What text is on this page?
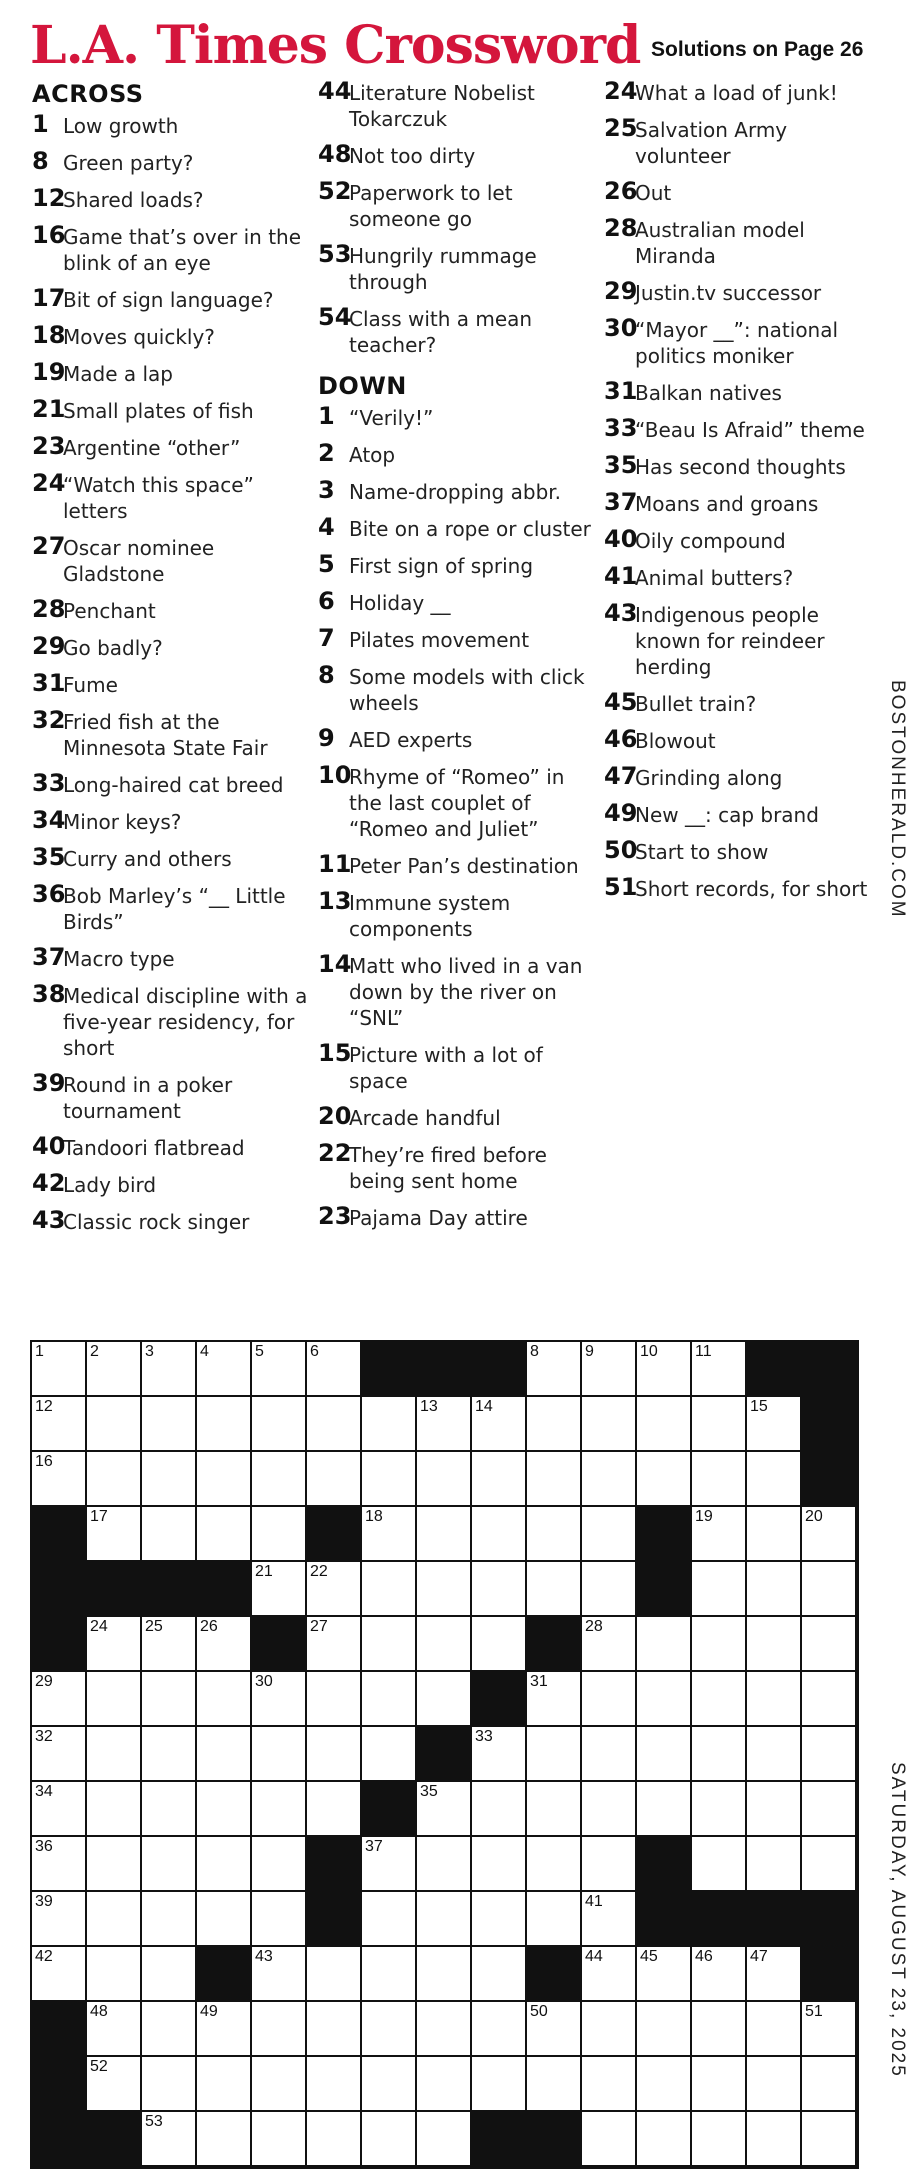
L.A. Times Crossword Solutions on Page 26
ACROSS
1 Low growth
8 Green party?
12
Shared loads?
16
Game that’s over in the blink of an eye
17
Bit of sign language?
18
Moves quickly?
19
Made a lap
21
Small plates of fish
23
Argentine “other”
24
“Watch this space” letters
27
Oscar nominee Gladstone
28
Penchant
29
Go badly?
31
Fume
32
Fried fish at the Minnesota State Fair
33
Long-haired cat breed
34
Minor keys?
35
Curry and others
36
Bob Marley’s “__ Little Birds”
37
Macro type
38
Medical discipline with a five-year residency, for short
39
Round in a poker tournament
40
Tandoori flatbread
42
Lady bird
43
Classic rock singer
44
Literature Nobelist Tokarczuk
48
Not too dirty
52
Paperwork to let someone go
53
Hungrily rummage through
54
Class with a mean teacher?
DOWN
1 “Verily!”
2 Atop
3 Name-dropping abbr.
4 Bite on a rope or cluster
5 First sign of spring
6 Holiday __
7 Pilates movement
8 Some models with click wheels
9 AED experts
10
Rhyme of “Romeo” in the last couplet of “Romeo and Juliet”
11
Peter Pan’s destination
13
Immune system components
14
Matt who lived in a van down by the river on “SNL”
15
Picture with a lot of space
20
Arcade handful
22
They’re fired before being sent home
23
Pajama Day attire
24
What a load of junk!
25
Salvation Army volunteer
26
Out
28
Australian model Miranda
29
Justin.tv successor
30
“Mayor __”: national politics moniker
31
Balkan natives
33
“Beau Is Afraid” theme
35
Has second thoughts
37
Moans and groans
40
Oily compound
41
Animal butters?
43
Indigenous people known for reindeer herding
45
Bullet train?
46
Blowout
47
Grinding along
49
New __: cap brand
50
Start to show
51
Short records, for short	BOSTONHERALD.COM
SATURDAY, AUGUST 23, 2025
1	2	3	4	5	6	8	9	10 11
12	13 14	15
16
17	18	19	20
21 22
24 25 26	27	28
29	30	31
32	33
34	35
36	37
39	41
42	43	44 45 46 47
48	49	50	51
52
53
